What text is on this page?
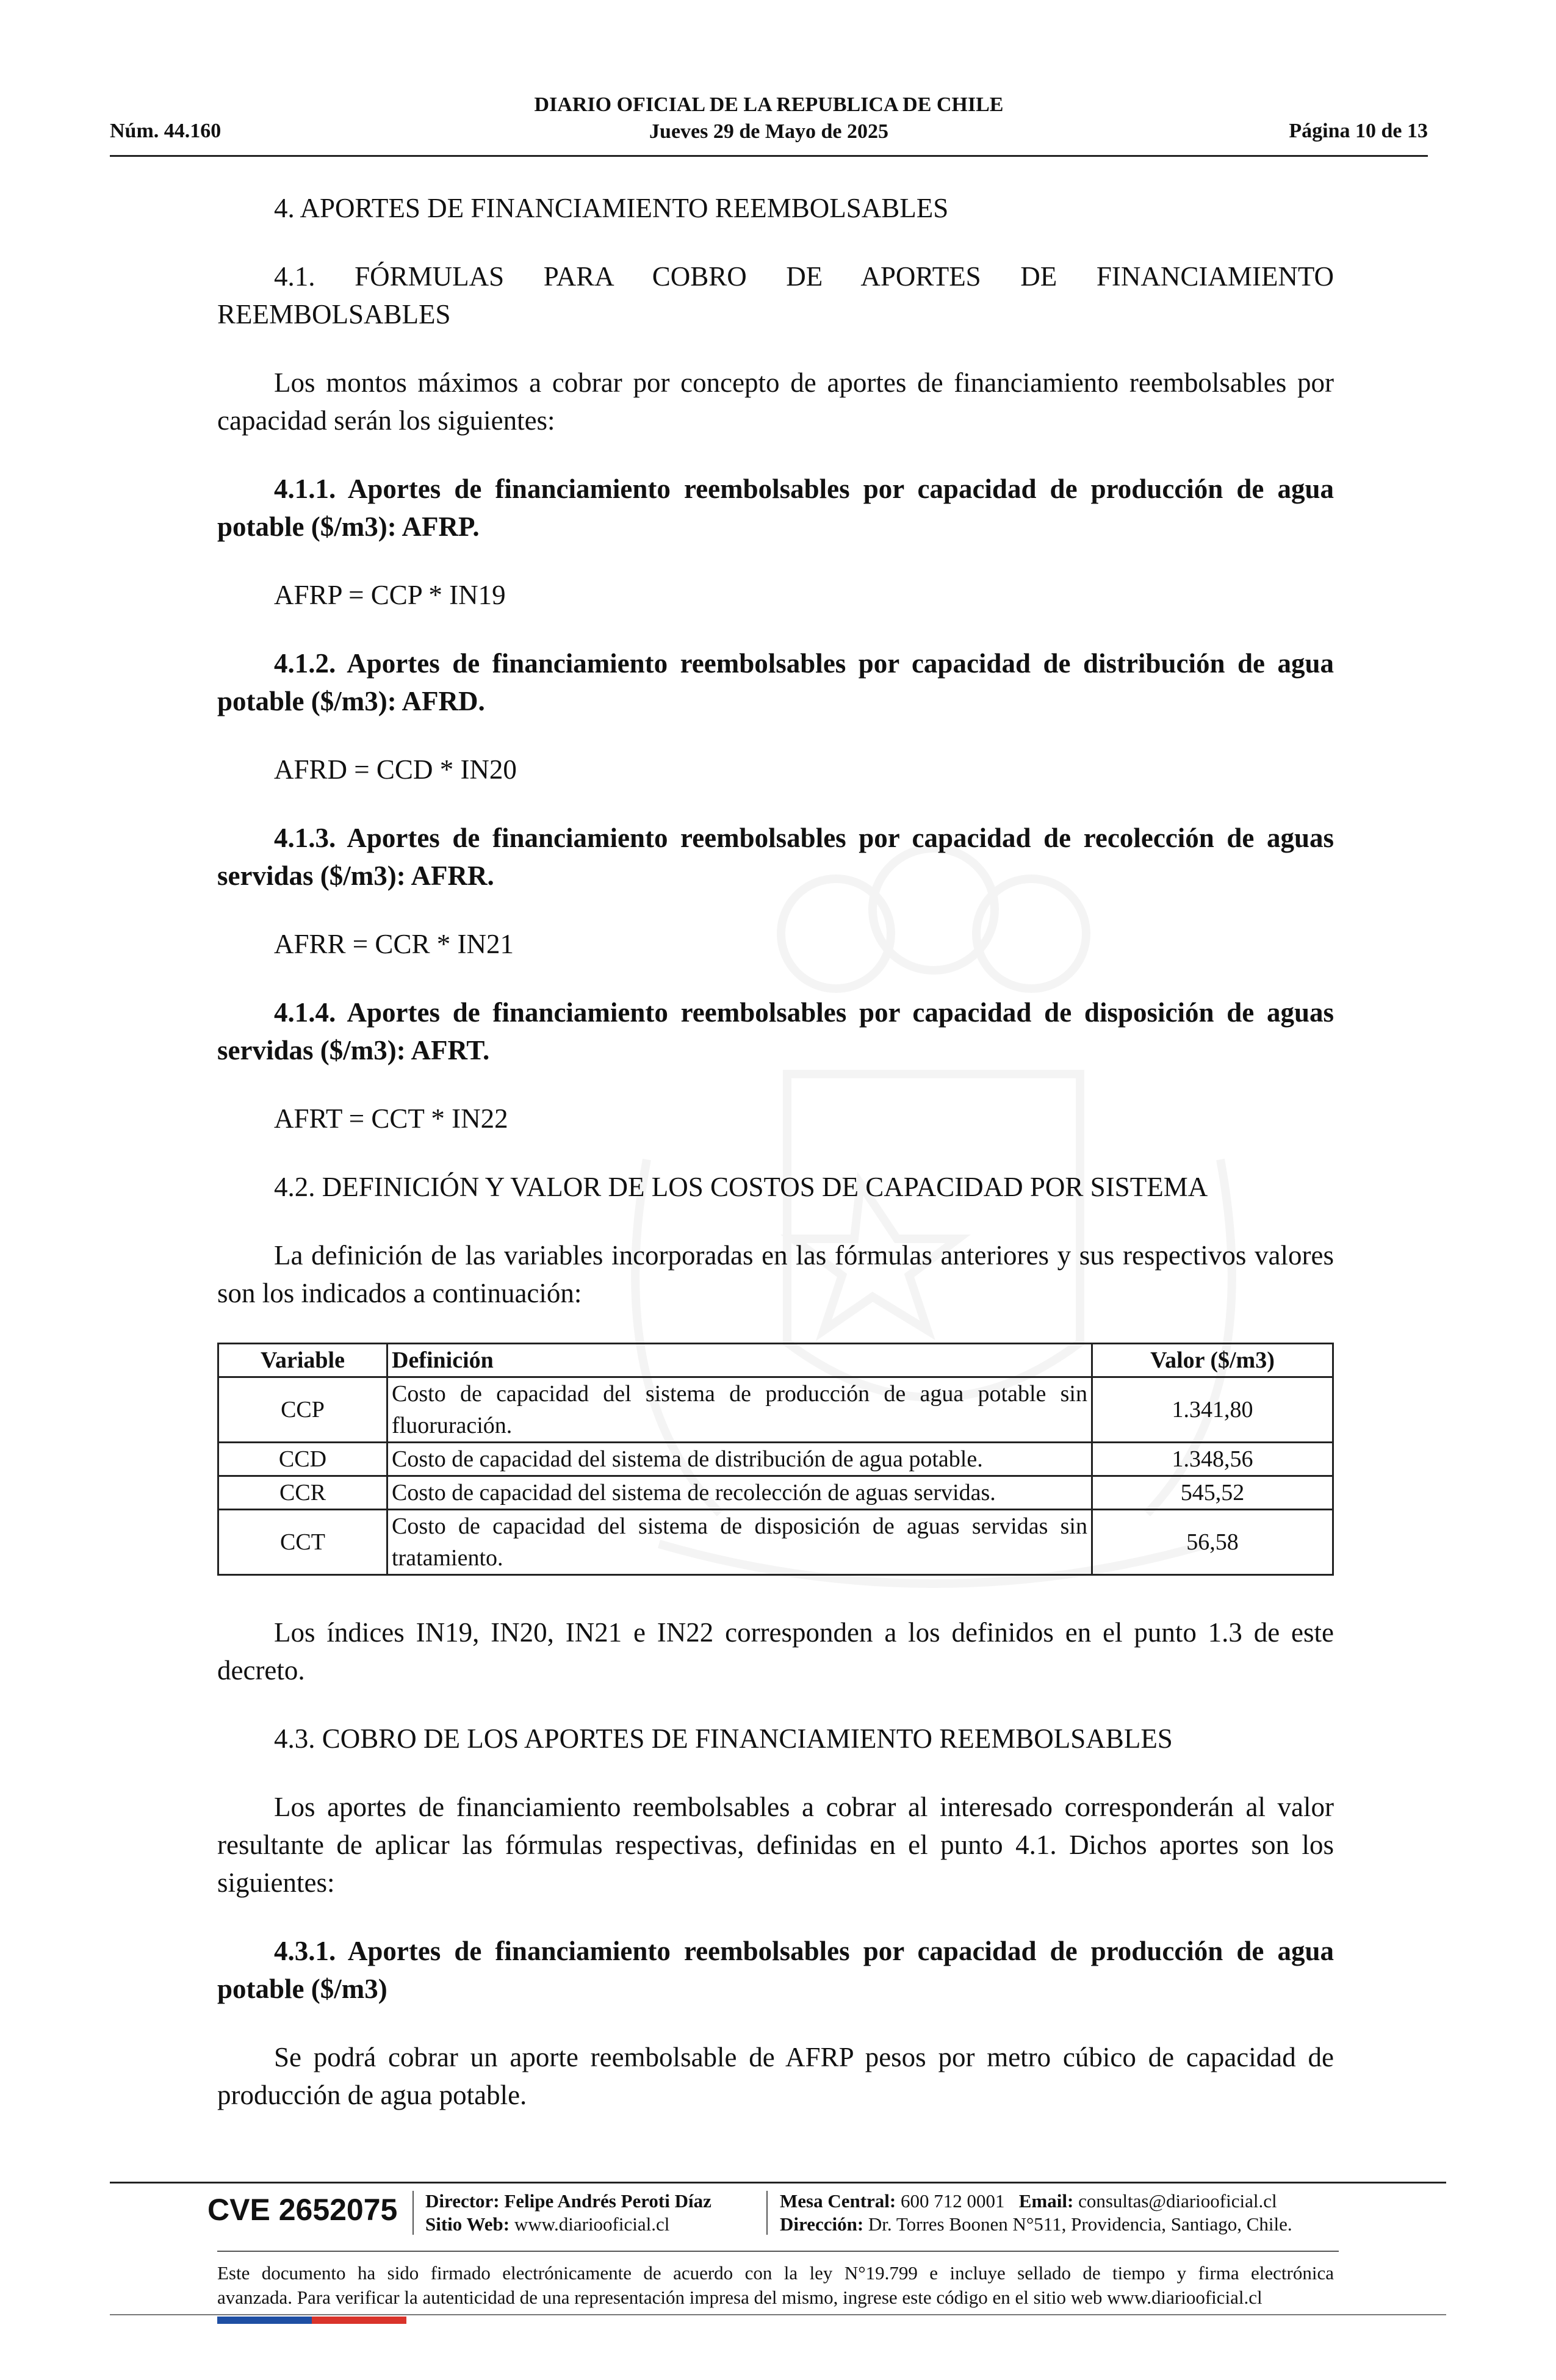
DIARIO OFICIAL DE LA REPUBLICA DE CHILE
Jueves 29 de Mayo de 2025
Núm. 44.160	Página 10 de 13

4. APORTES DE FINANCIAMIENTO REEMBOLSABLES

4.1. FÓRMULAS PARA COBRO DE APORTES DE FINANCIAMIENTO
REEMBOLSABLES

Los montos máximos a cobrar por concepto de aportes de financiamiento reembolsables por capacidad serán los siguientes:

4.1.1. Aportes de financiamiento reembolsables por capacidad de producción de agua potable ($/m3): AFRP.

AFRP = CCP * IN19

4.1.2. Aportes de financiamiento reembolsables por capacidad de distribución de agua potable ($/m3): AFRD.

AFRD = CCD * IN20

4.1.3. Aportes de financiamiento reembolsables por capacidad de recolección de aguas servidas ($/m3): AFRR.

AFRR = CCR * IN21

4.1.4. Aportes de financiamiento reembolsables por capacidad de disposición de aguas servidas ($/m3): AFRT.

AFRT = CCT * IN22

4.2. DEFINICIÓN Y VALOR DE LOS COSTOS DE CAPACIDAD POR SISTEMA

La definición de las variables incorporadas en las fórmulas anteriores y sus respectivos valores son los indicados a continuación:

Variable	Definición	Valor ($/m3)
CCP	Costo de capacidad del sistema de producción de agua potable sin fluoruración.	1.341,80
CCD	Costo de capacidad del sistema de distribución de agua potable.	1.348,56
CCR	Costo de capacidad del sistema de recolección de aguas servidas.	545,52
CCT	Costo de capacidad del sistema de disposición de aguas servidas sin tratamiento.	56,58

Los índices IN19, IN20, IN21 e IN22 corresponden a los definidos en el punto 1.3 de este decreto.

4.3. COBRO DE LOS APORTES DE FINANCIAMIENTO REEMBOLSABLES

Los aportes de financiamiento reembolsables a cobrar al interesado corresponderán al valor resultante de aplicar las fórmulas respectivas, definidas en el punto 4.1. Dichos aportes son los siguientes:

4.3.1. Aportes de financiamiento reembolsables por capacidad de producción de agua potable ($/m3)

Se podrá cobrar un aporte reembolsable de AFRP pesos por metro cúbico de capacidad de producción de agua potable.

CVE 2652075 Director: Felipe Andrés Peroti Díaz
Sitio Web: www.diariooficial.cl
Mesa Central: 600 712 0001 Email: consultas@diariooficial.cl
Dirección: Dr. Torres Boonen N°511, Providencia, Santiago, Chile.
Este documento ha sido firmado electrónicamente de acuerdo con la ley N°19.799 e incluye sellado de tiempo y firma electrónica
avanzada. Para verificar la autenticidad de una representación impresa del mismo, ingrese este código en el sitio web www.diariooficial.cl
